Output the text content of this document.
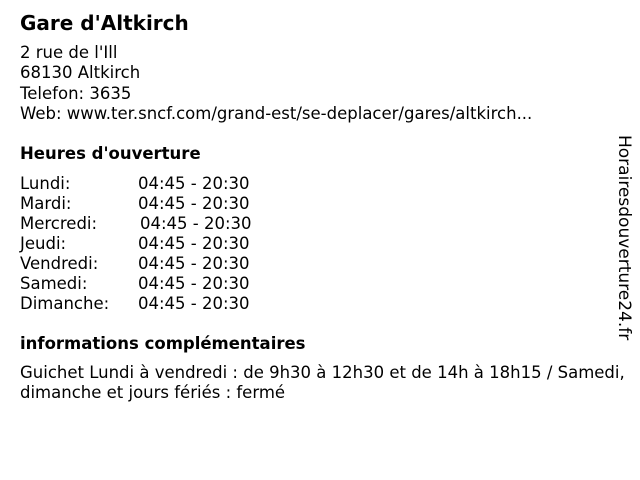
Gare d'Altkirch
2 rue de l'Ill
68130 Altkirch
Telefon: 3635
Web: www.ter.sncf.com/grand-est/se-deplacer/gares/altkirch...
Heures d'ouverture
Lundi:	04:45 - 20:30
Mardi:	04:45 - 20:30
Mercredi:	04:45 - 20:30
Jeudi:	04:45 - 20:30
Vendredi: 04:45 - 20:30
Samedi:	04:45 - 20:30
Dimanche: 04:45 - 20:30
informations complémentaires
Guichet Lundi à vendredi : de 9h30 à 12h30 et de 14h à 18h15 / Samedi, dimanche et jours fériés : fermé
Horairesdouverture24.fr
